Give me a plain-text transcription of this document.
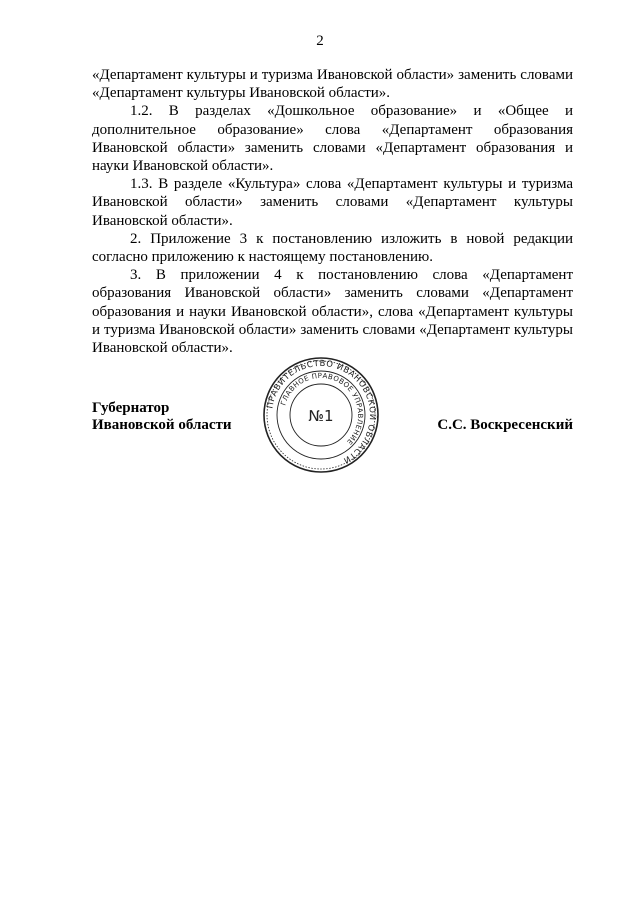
2

«Департамент культуры и туризма Ивановской области» заменить словами «Департамент культуры Ивановской области».

1.2. В разделах «Дошкольное образование» и «Общее и дополнительное образование» слова «Департамент образования Ивановской области» заменить словами «Департамент образования и науки Ивановской области».

1.3. В разделе «Культура» слова «Департамент культуры и туризма Ивановской области» заменить словами «Департамент культуры Ивановской области».

2. Приложение 3 к постановлению изложить в новой редакции согласно приложению к настоящему постановлению.

3. В приложении 4 к постановлению слова «Департамент образования Ивановской области» заменить словами «Департамент образования и науки Ивановской области», слова «Департамент культуры и туризма Ивановской области» заменить словами «Департамент культуры Ивановской области».

Губернатор
Ивановской области	С.С. Воскресенский
ПРАВИТЕЛЬСТВО ИВАНОВСКОЙ ОБЛАСТИ
ГЛАВНОЕ ПРАВОВОЕ УПРАВЛЕНИЕ
№1
